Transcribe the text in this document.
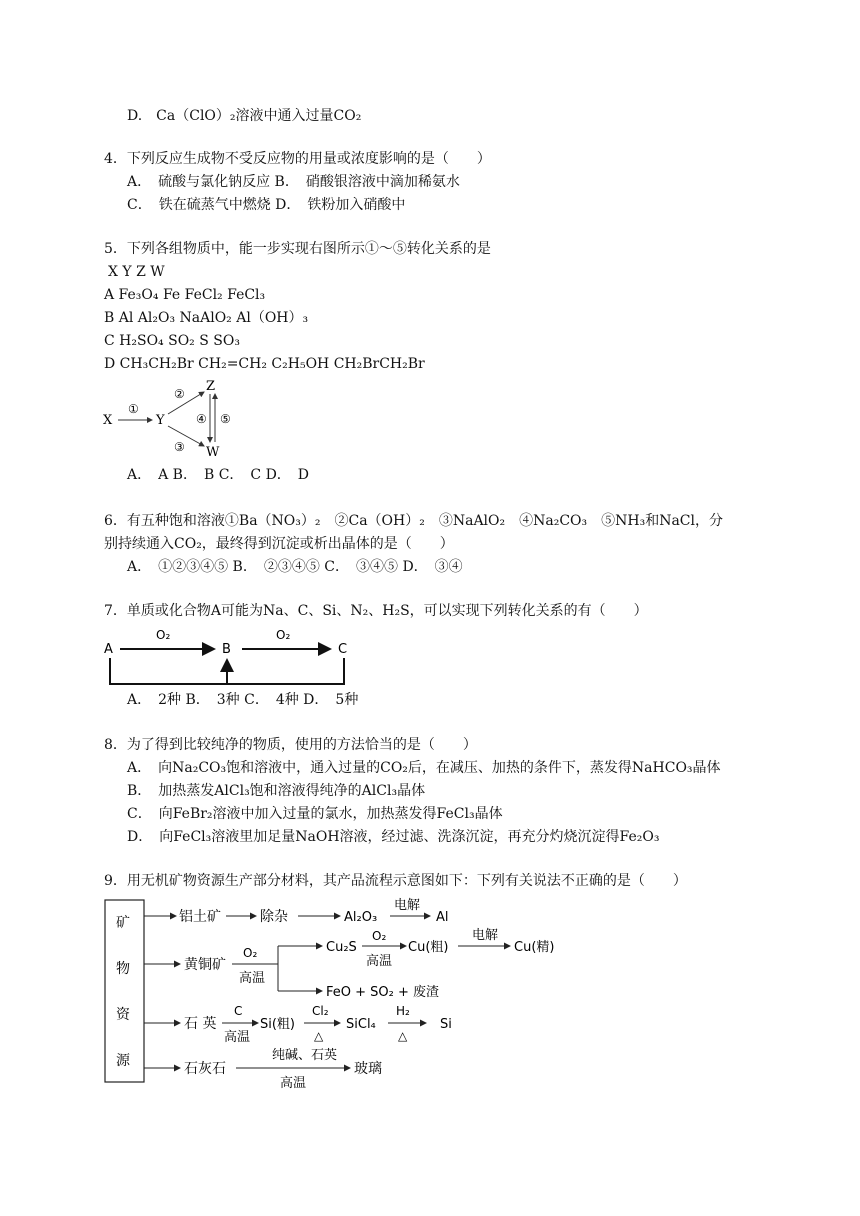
D.　Ca（ClO）₂溶液中通入过量CO₂
4．下列反应生成物不受反应物的用量或浓度影响的是（　　）
A．　硫酸与氯化钠反应 B．　硝酸银溶液中滴加稀氨水
C．　铁在硫蒸气中燃烧 D．　铁粉加入硝酸中
5．下列各组物质中，能一步实现右图所示①～⑤转化关系的是
X Y Z W
A Fe₃O₄ Fe FeCl₂ FeCl₃
B Al Al₂O₃ NaAlO₂ Al（OH）₃
C H₂SO₄ SO₂ S SO₃
D CH₃CH₂Br CH₂=CH₂ C₂H₅OH CH₂BrCH₂Br
X
①
Y
②
③
Z
W
④ ⑤
A．　A B．　B C．　C D．　D
6．有五种饱和溶液①Ba（NO₃）₂　②Ca（OH）₂　③NaAlO₂　④Na₂CO₃　⑤NH₃和NaCl，分
别持续通入CO₂，最终得到沉淀或析出晶体的是（　　）
A．　①②③④⑤ B．　②③④⑤ C．　③④⑤ D．　③④
7．单质或化合物A可能为Na、C、Si、N₂、H₂S，可以实现下列转化关系的有（　　）
A
O₂
B
O₂
C
A．　2种 B．　3种 C．　4种 D．　5种
8．为了得到比较纯净的物质，使用的方法恰当的是（　　）
A．　向Na₂CO₃饱和溶液中，通入过量的CO₂后，在减压、加热的条件下，蒸发得NaHCO₃晶体
B．　加热蒸发AlCl₃饱和溶液得纯净的AlCl₃晶体
C．　向FeBr₂溶液中加入过量的氯水，加热蒸发得FeCl₃晶体
D．　向FeCl₃溶液里加足量NaOH溶液，经过滤、洗涤沉淀，再充分灼烧沉淀得Fe₂O₃
9．用无机矿物资源生产部分材料，其产品流程示意图如下：下列有关说法不正确的是（　　）
矿
物
资
源
铝土矿	除杂	Al₂O₃
电解
Al
黄铜矿
O₂
高温
Cu₂S
O₂
高温
Cu(粗)
电解
Cu(精)
FeO + SO₂ + 废渣
石 英
C
高温
Si(粗)
Cl₂
△
SiCl₄
H₂
△
Si
石灰石
纯碱、石英
高温
玻璃
